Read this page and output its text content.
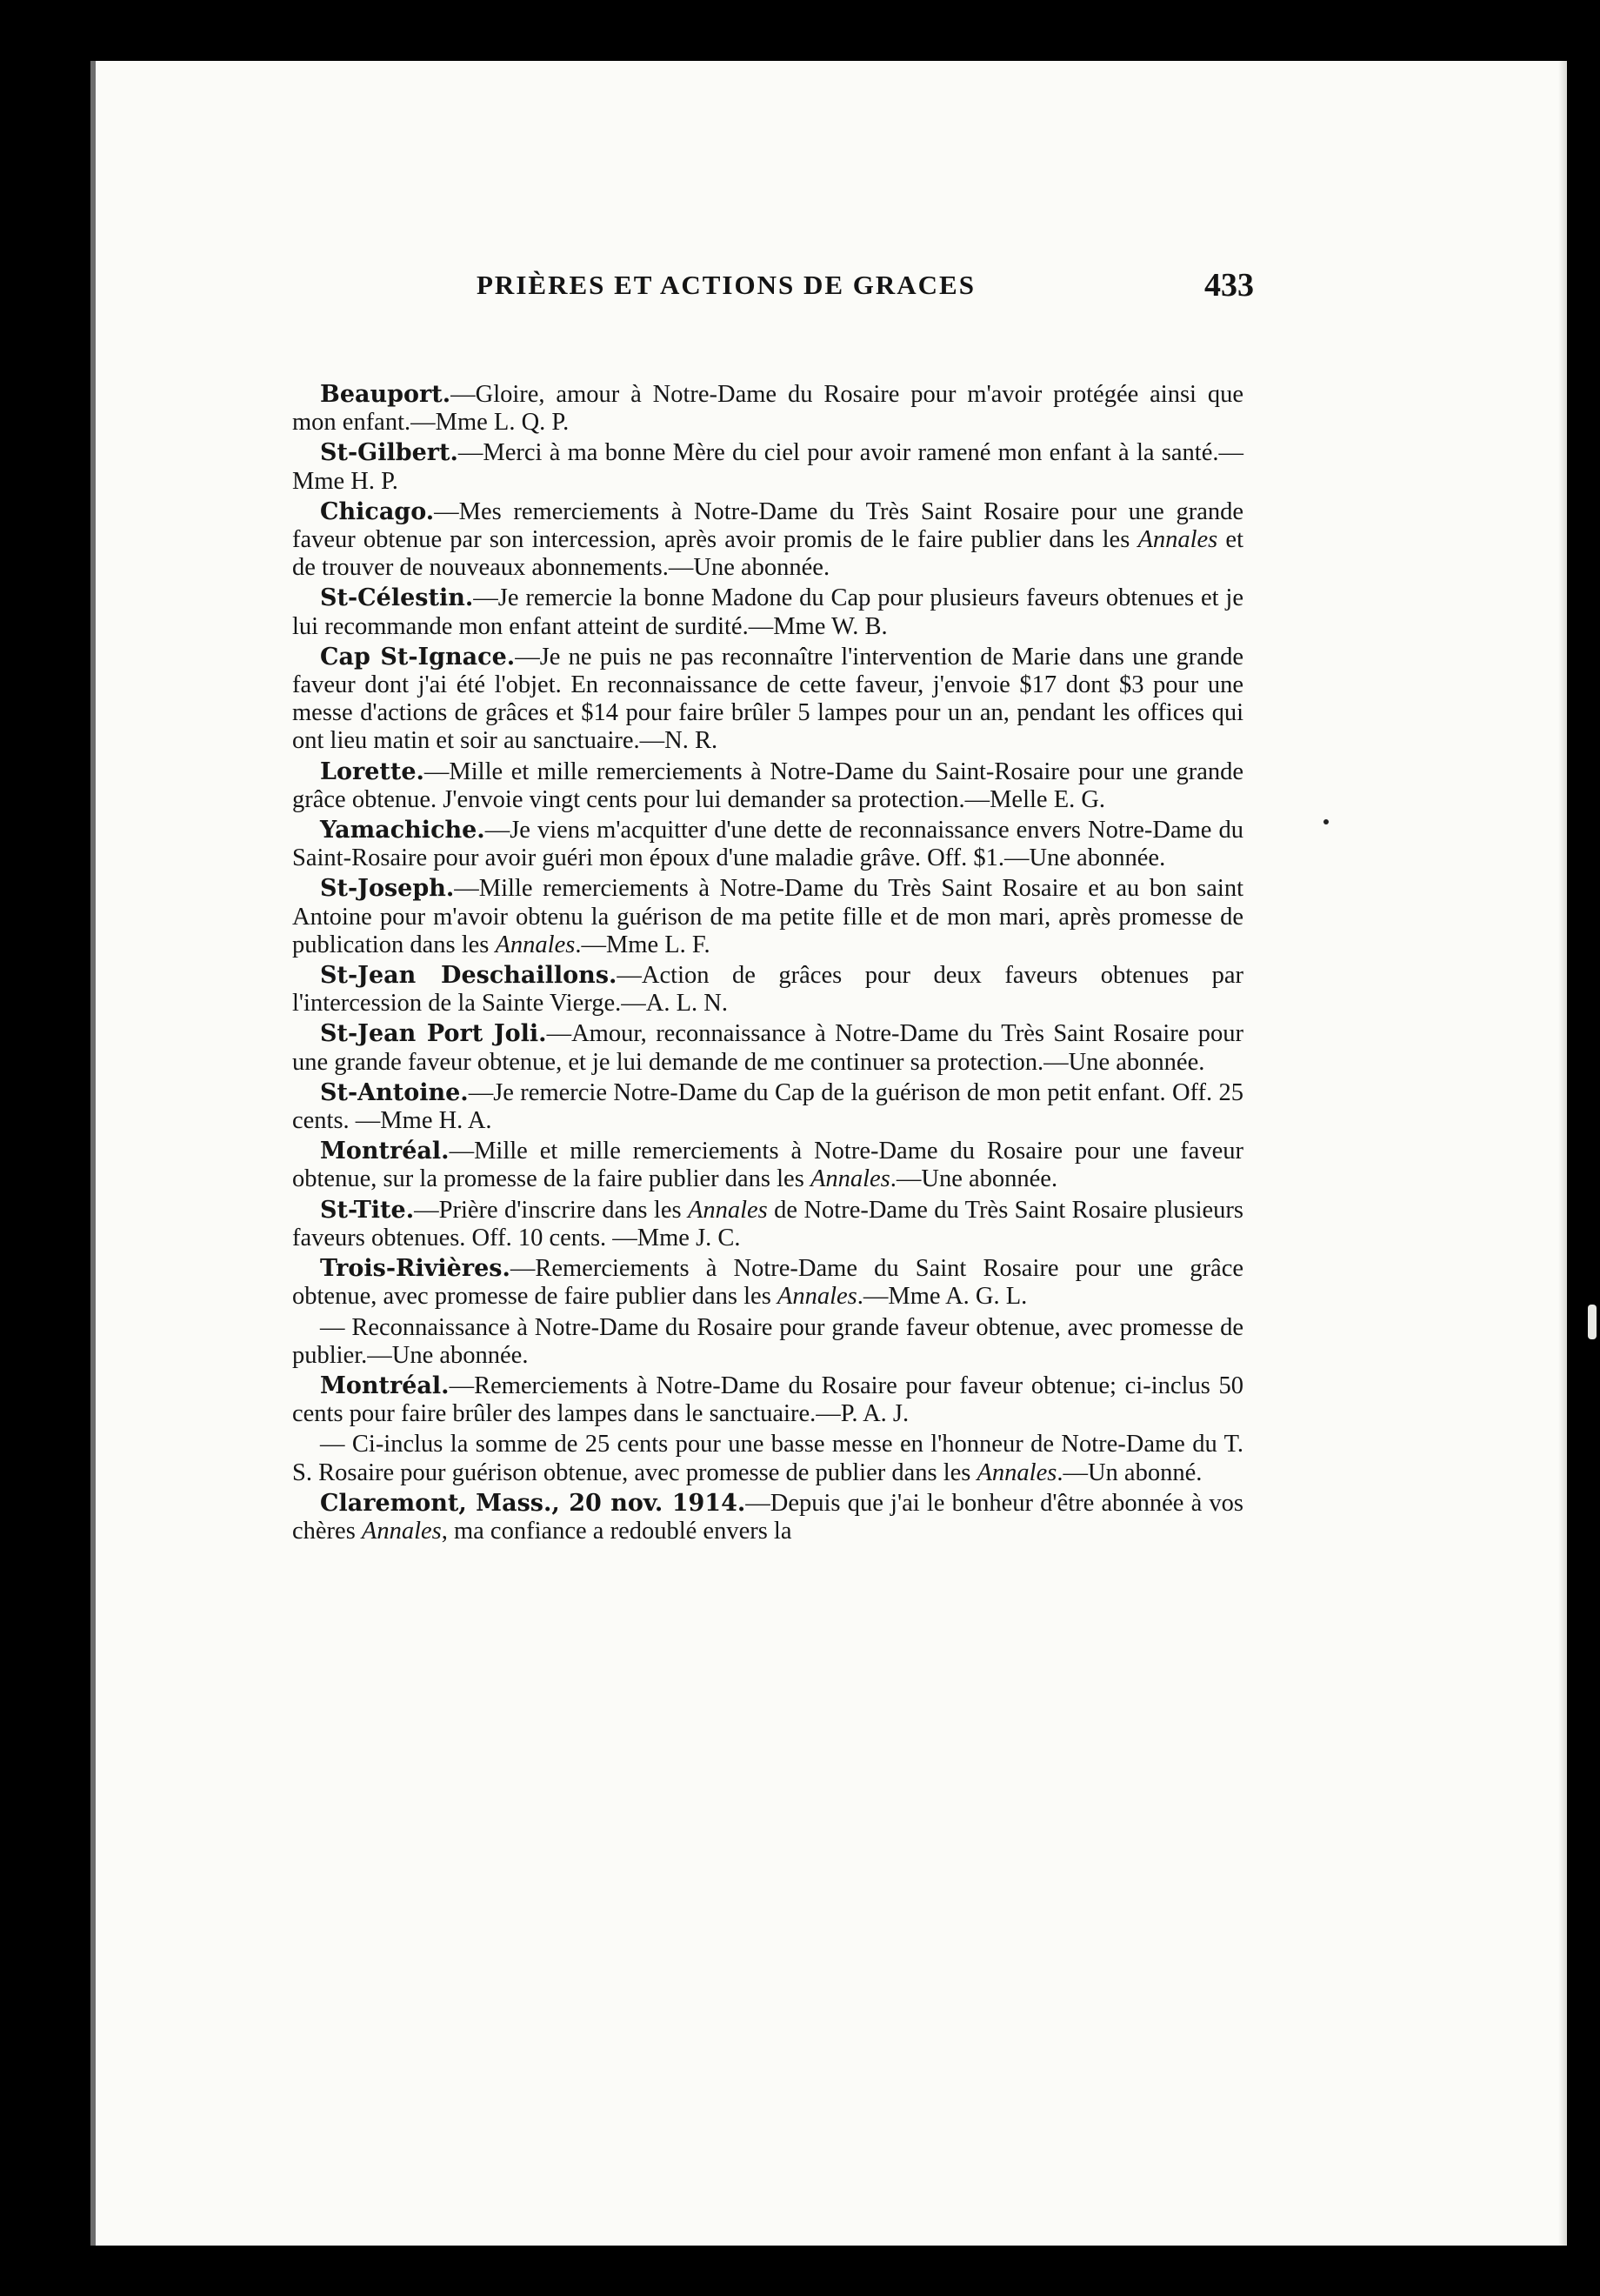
PRIÈRES ET ACTIONS DE GRACES	433

Beauport.—Gloire, amour à Notre-Dame du Rosaire pour m'avoir protégée ainsi que mon enfant.—Mme L. Q. P.

St-Gilbert.—Merci à ma bonne Mère du ciel pour avoir ramené mon enfant à la santé.—Mme H. P.

Chicago.—Mes remerciements à Notre-Dame du Très Saint Rosaire pour une grande faveur obtenue par son intercession, après avoir promis de le faire publier dans les Annales et de trouver de nouveaux abonnements.—Une abonnée.

St-Célestin.—Je remercie la bonne Madone du Cap pour plusieurs faveurs obtenues et je lui recommande mon enfant atteint de surdité.—Mme W. B.

Cap St-Ignace.—Je ne puis ne pas reconnaître l'intervention de Marie dans une grande faveur dont j'ai été l'objet. En reconnaissance de cette faveur, j'envoie $17 dont $3 pour une messe d'actions de grâces et $14 pour faire brûler 5 lampes pour un an, pendant les offices qui ont lieu matin et soir au sanctuaire.—N. R.

Lorette.—Mille et mille remerciements à Notre-Dame du Saint-Rosaire pour une grande grâce obtenue. J'envoie vingt cents pour lui demander sa protection.—Melle E. G.

Yamachiche.—Je viens m'acquitter d'une dette de reconnaissance envers Notre-Dame du Saint-Rosaire pour avoir guéri mon époux d'une maladie grâve. Off. $1.—Une abonnée.

St-Joseph.—Mille remerciements à Notre-Dame du Très Saint Rosaire et au bon saint Antoine pour m'avoir obtenu la guérison de ma petite fille et de mon mari, après promesse de publication dans les Annales.—Mme L. F.

St-Jean Deschaillons.—Action de grâces pour deux faveurs obtenues par l'intercession de la Sainte Vierge.—A. L. N.

St-Jean Port Joli.—Amour, reconnaissance à Notre-Dame du Très Saint Rosaire pour une grande faveur obtenue, et je lui demande de me continuer sa protection.—Une abonnée.

St-Antoine.—Je remercie Notre-Dame du Cap de la guérison de mon petit enfant. Off. 25 cents. —Mme H. A.

Montréal.—Mille et mille remerciements à Notre-Dame du Rosaire pour une faveur obtenue, sur la promesse de la faire publier dans les Annales.—Une abonnée.

St-Tite.—Prière d'inscrire dans les Annales de Notre-Dame du Très Saint Rosaire plusieurs faveurs obtenues. Off. 10 cents. —Mme J. C.

Trois-Rivières.—Remerciements à Notre-Dame du Saint Rosaire pour une grâce obtenue, avec promesse de faire publier dans les Annales.—Mme A. G. L.

— Reconnaissance à Notre-Dame du Rosaire pour grande faveur obtenue, avec promesse de publier.—Une abonnée.

Montréal.—Remerciements à Notre-Dame du Rosaire pour faveur obtenue; ci-inclus 50 cents pour faire brûler des lampes dans le sanctuaire.—P. A. J.

— Ci-inclus la somme de 25 cents pour une basse messe en l'honneur de Notre-Dame du T. S. Rosaire pour guérison obtenue, avec promesse de publier dans les Annales.—Un abonné.

Claremont, Mass., 20 nov. 1914.—Depuis que j'ai le bonheur d'être abonnée à vos chères Annales, ma confiance a redoublé envers la
